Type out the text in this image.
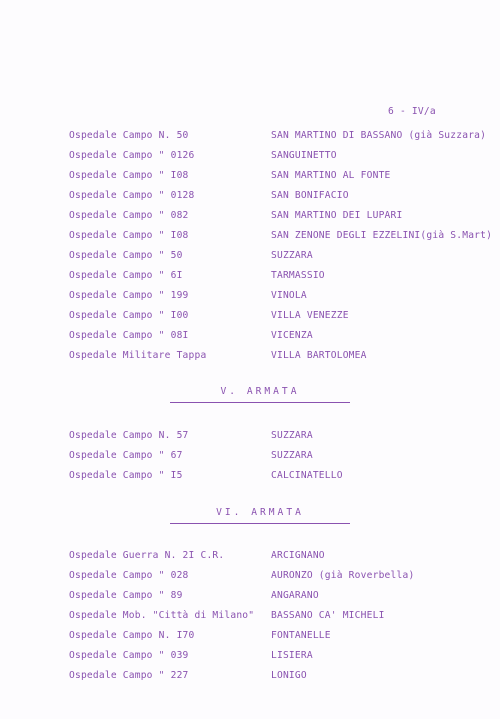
6 - IV/a
Ospedale Campo N. 50	SAN MARTINO DI BASSANO (già Suzzara)
Ospedale Campo " 0126	SANGUINETTO
Ospedale Campo " I08	SAN MARTINO AL FONTE
Ospedale Campo " 0128	SAN BONIFACIO
Ospedale Campo " 082	SAN MARTINO DEI LUPARI
Ospedale Campo " I08	SAN ZENONE DEGLI EZZELINI(già S.Mart)
Ospedale Campo " 50	SUZZARA
Ospedale Campo " 6I	TARMASSIO
Ospedale Campo " 199	VINOLA
Ospedale Campo " I00	VILLA VENEZZE
Ospedale Campo " 08I	VICENZA
Ospedale Militare Tappa	VILLA BARTOLOMEA
V. ARMATA
Ospedale Campo N. 57	SUZZARA
Ospedale Campo " 67	SUZZARA
Ospedale Campo " I5	CALCINATELLO
VI. ARMATA
Ospedale Guerra N. 2I C.R.	ARCIGNANO
Ospedale Campo " 028	AURONZO (già Roverbella)
Ospedale Campo " 89	ANGARANO
Ospedale Mob. "Città di Milano" BASSANO CA' MICHELI
Ospedale Campo N. I70	FONTANELLE
Ospedale Campo " 039	LISIERA
Ospedale Campo " 227	LONIGO
